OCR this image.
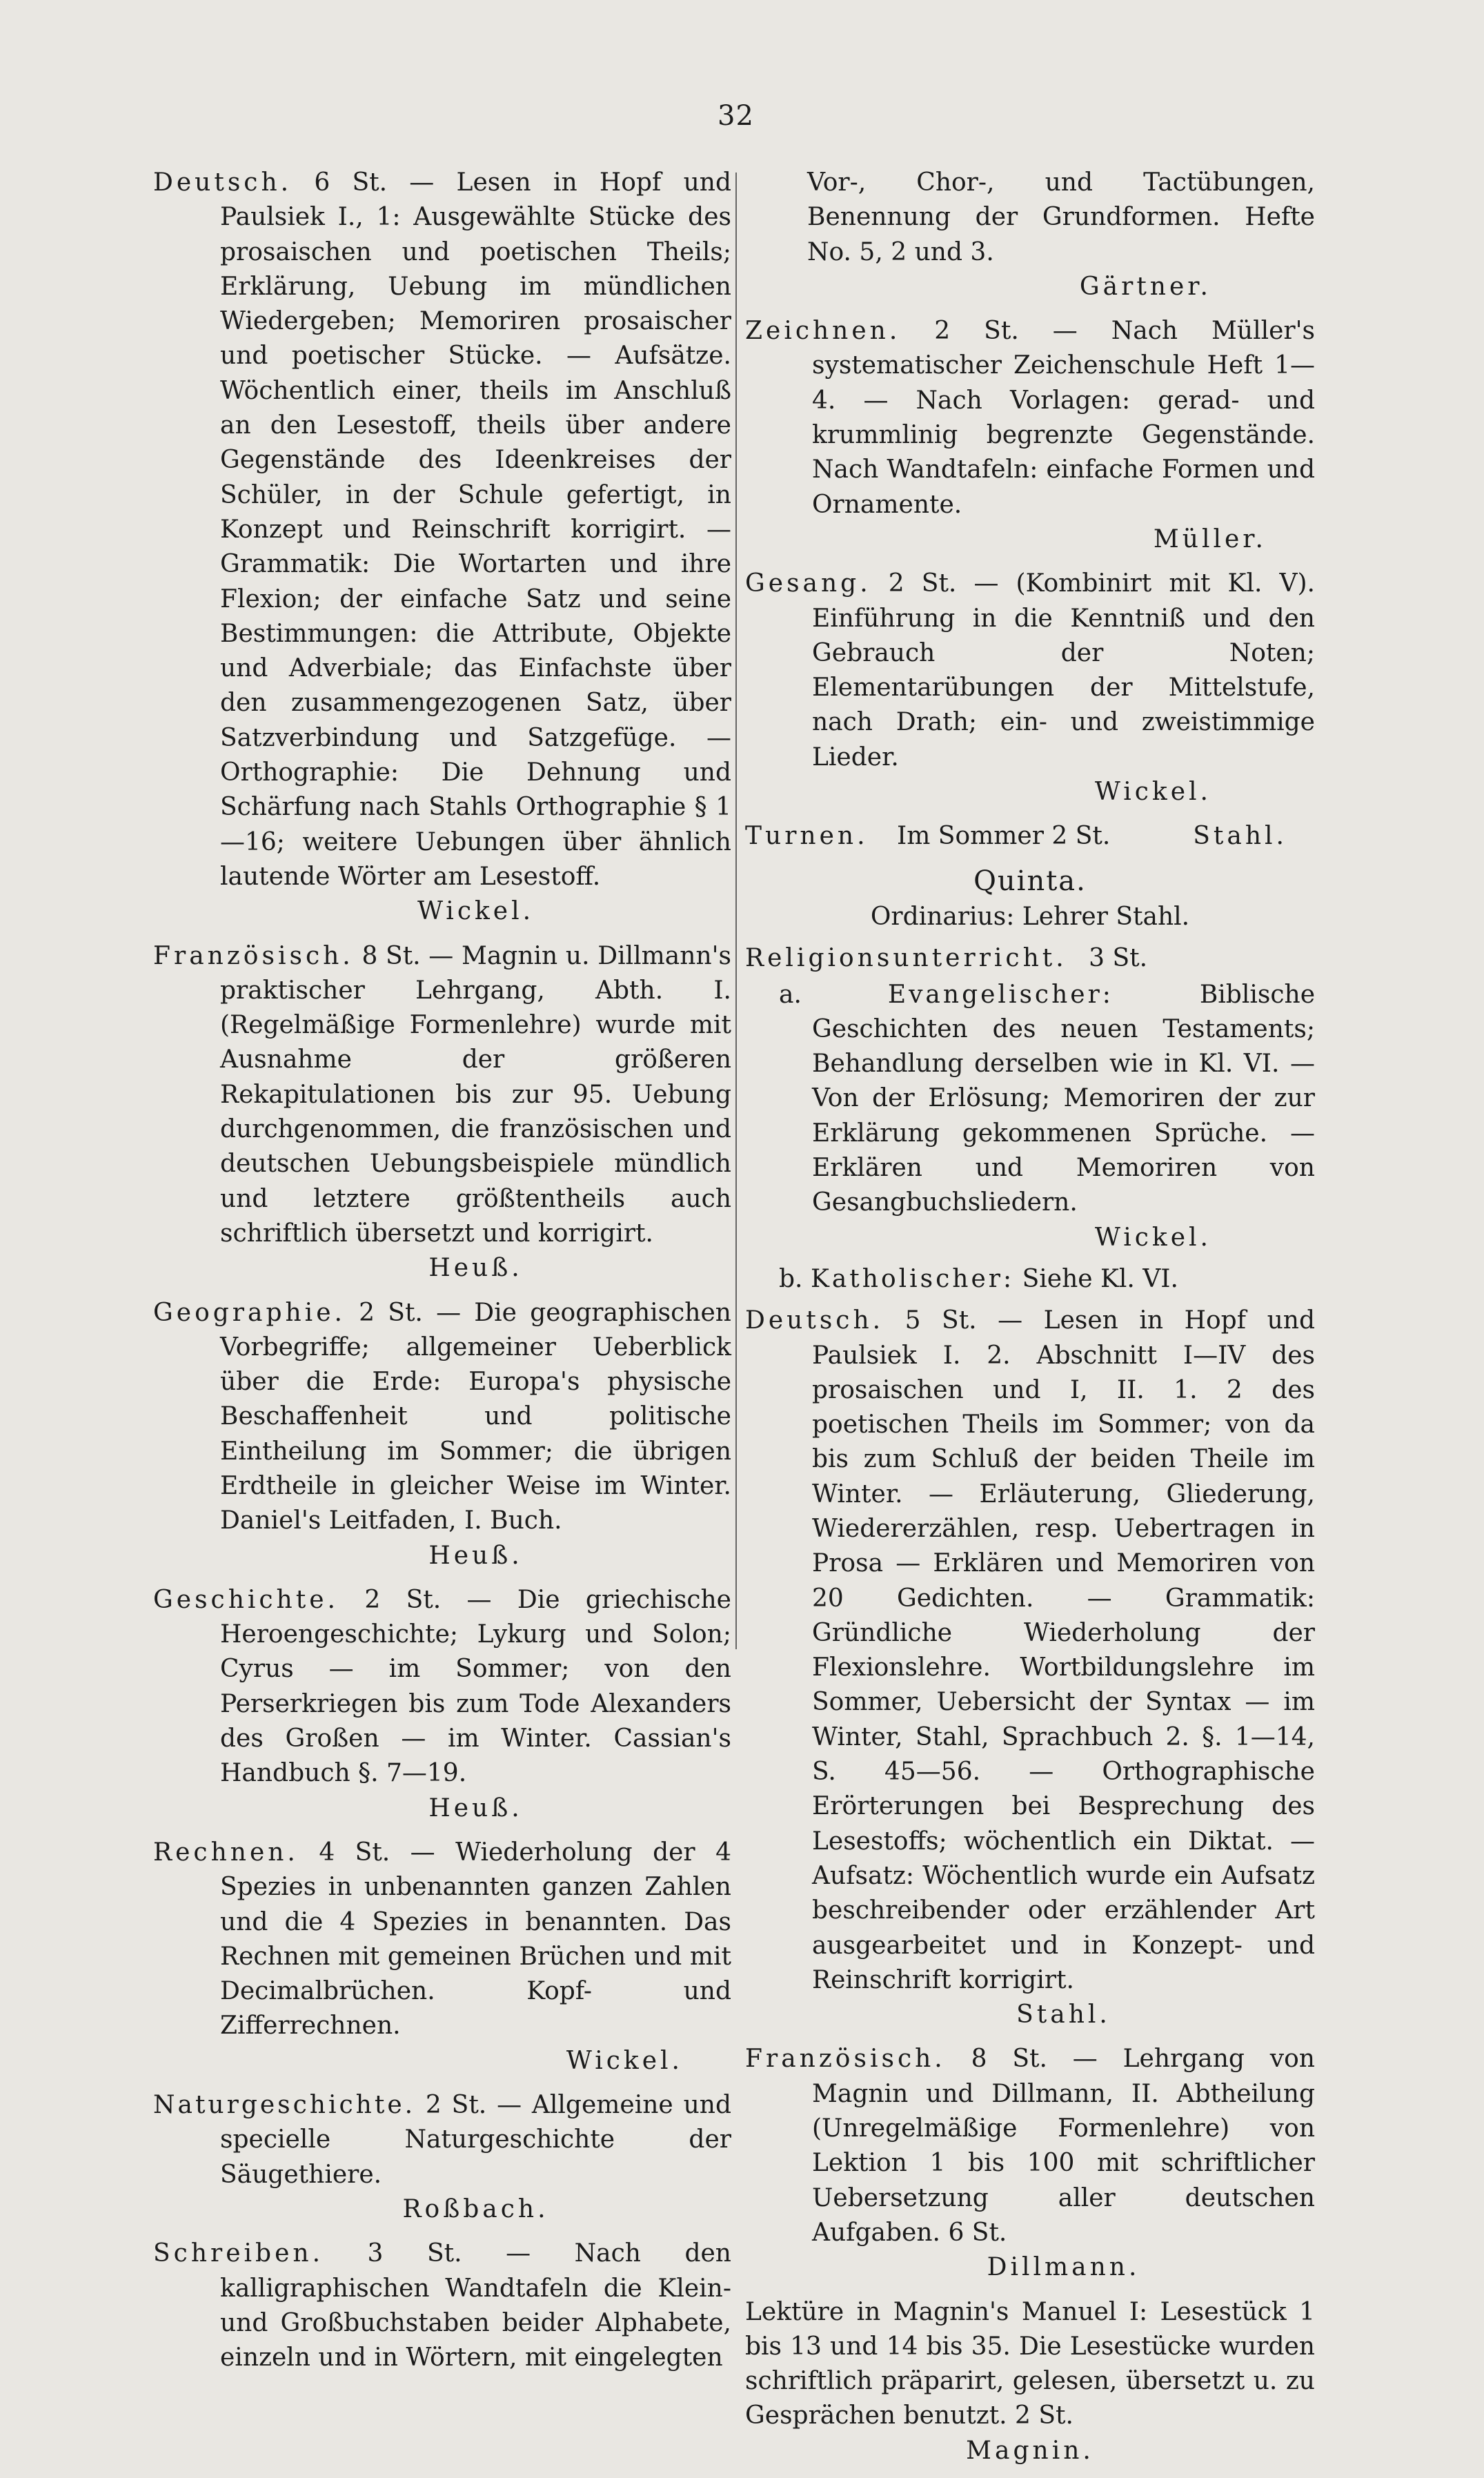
32
Deutsch. 6 St. — Lesen in Hopf und Paulsiek I., 1: Ausgewählte Stücke des prosaischen und poetischen Theils; Erklärung, Uebung im mündlichen Wiedergeben; Memoriren prosaischer und poetischer Stücke. — Aufsätze. Wöchentlich einer, theils im Anschluß an den Lesestoff, theils über andere Gegenstände des Ideenkreises der Schüler, in der Schule gefertigt, in Konzept und Reinschrift korrigirt. — Grammatik: Die Wortarten und ihre Flexion; der einfache Satz und seine Bestimmungen: die Attribute, Objekte und Adverbiale; das Einfachste über den zusammengezogenen Satz, über Satzverbindung und Satzgefüge. — Orthographie: Die Dehnung und Schärfung nach Stahls Orthographie § 1—16; weitere Uebungen über ähnlich lautende Wörter am Lesestoff.
Wickel.
Französisch. 8 St. — Magnin u. Dillmann's praktischer Lehrgang, Abth. I. (Regelmäßige Formenlehre) wurde mit Ausnahme der größeren Rekapitulationen bis zur 95. Uebung durchgenommen, die französischen und deutschen Uebungsbeispiele mündlich und letztere größtentheils auch schriftlich übersetzt und korrigirt.
Heuß.
Geographie. 2 St. — Die geographischen Vorbegriffe; allgemeiner Ueberblick über die Erde: Europa's physische Beschaffenheit und politische Eintheilung im Sommer; die übrigen Erdtheile in gleicher Weise im Winter. Daniel's Leitfaden, I. Buch.
Heuß.
Geschichte. 2 St. — Die griechische Heroengeschichte; Lykurg und Solon; Cyrus — im Sommer; von den Perserkriegen bis zum Tode Alexanders des Großen — im Winter. Cassian's Handbuch §. 7—19.
Heuß.
Rechnen. 4 St. — Wiederholung der 4 Spezies in unbenannten ganzen Zahlen und die 4 Spezies in benannten. Das Rechnen mit gemeinen Brüchen und mit Decimalbrüchen. Kopf- und Zifferrechnen.
Wickel.
Naturgeschichte. 2 St. — Allgemeine und specielle Naturgeschichte der Säugethiere.
Roßbach.
Schreiben. 3 St. — Nach den kalligraphischen Wandtafeln die Klein- und Großbuchstaben beider Alphabete, einzeln und in Wörtern, mit eingelegten
Vor-, Chor-, und Tactübungen, Benennung der Grundformen. Hefte No. 5, 2 und 3.
Gärtner.
Zeichnen. 2 St. — Nach Müller's systematischer Zeichenschule Heft 1—4. — Nach Vorlagen: gerad- und krummlinig begrenzte Gegenstände. Nach Wandtafeln: einfache Formen und Ornamente.
Müller.
Gesang. 2 St. — (Kombinirt mit Kl. V). Einführung in die Kenntniß und den Gebrauch der Noten; Elementarübungen der Mittelstufe, nach Drath; ein- und zweistimmige Lieder.
Wickel.
Turnen. Im Sommer 2 St.	Stahl.
Quinta.
Ordinarius: Lehrer Stahl.
Religionsunterricht. 3 St.
a.	Evangelischer:	Biblische Geschichten des neuen Testaments; Behandlung derselben wie in Kl. VI. — Von der Erlösung; Memoriren der zur Erklärung gekommenen Sprüche. — Erklären und Memoriren von Gesangbuchsliedern.
Wickel.
b. Katholischer: Siehe Kl. VI.
Deutsch. 5 St. — Lesen in Hopf und Paulsiek I. 2. Abschnitt I—IV des prosaischen und I, II. 1. 2 des poetischen Theils im Sommer; von da bis zum Schluß der beiden Theile im Winter. — Erläuterung, Gliederung, Wiedererzählen, resp. Uebertragen in Prosa — Erklären und Memoriren von 20 Gedichten. — Grammatik: Gründliche Wiederholung der Flexionslehre. Wortbildungslehre im Sommer, Uebersicht der Syntax — im Winter, Stahl, Sprachbuch 2. §. 1—14, S. 45—56. — Orthographische Erörterungen bei Besprechung des Lesestoffs; wöchentlich ein Diktat. — Aufsatz: Wöchentlich wurde ein Aufsatz beschreibender oder erzählender Art ausgearbeitet und in Konzept- und Reinschrift korrigirt.
Stahl.
Französisch. 8 St. — Lehrgang von Magnin und Dillmann, II. Abtheilung (Unregelmäßige Formenlehre) von Lektion 1 bis 100 mit schriftlicher Uebersetzung aller deutschen Aufgaben. 6 St.
Dillmann.
Lektüre in Magnin's Manuel I: Lesestück 1 bis 13 und 14 bis 35. Die Lesestücke wurden schriftlich präparirt, gelesen, übersetzt u. zu Gesprächen benutzt. 2 St.
Magnin.
